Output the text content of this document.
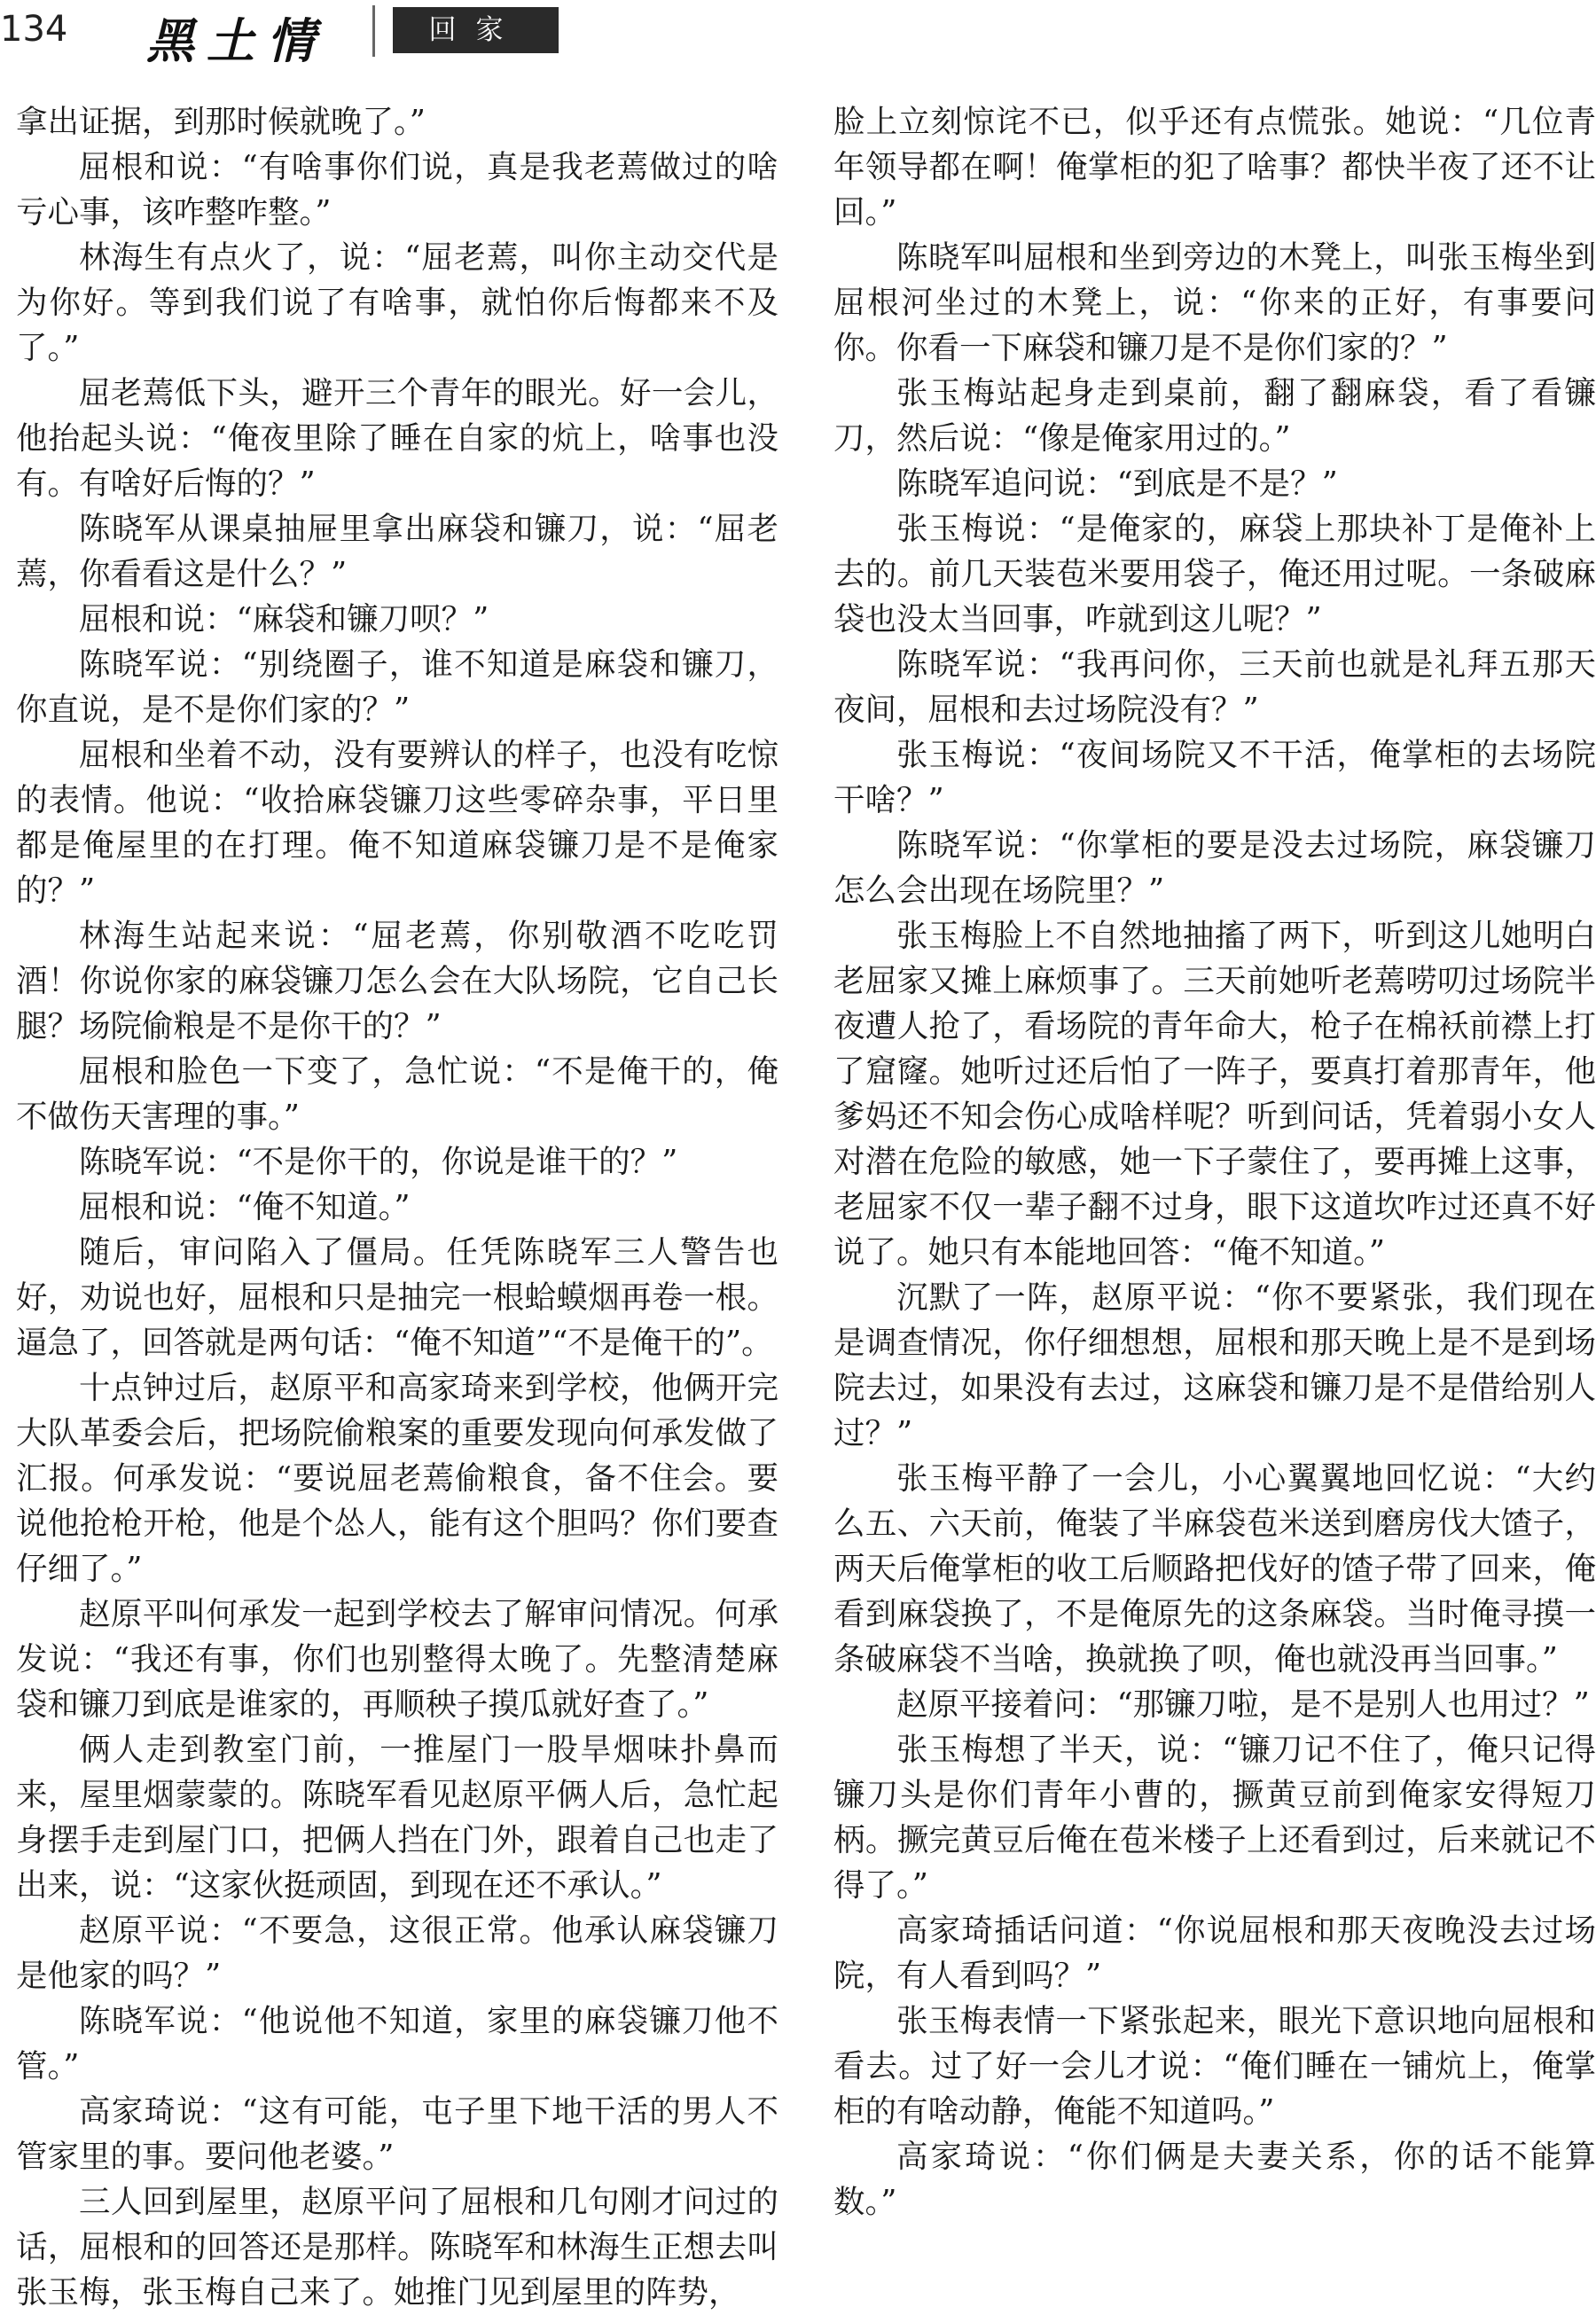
134 黑土情	回家

拿出证据，到那时候就晚了。”

屈根和说：“有啥事你们说，真是我老蔫做过的啥亏心事，该咋整咋整。”

林海生有点火了，说：“屈老蔫，叫你主动交代是为你好。等到我们说了有啥事，就怕你后悔都来不及了。”

屈老蔫低下头，避开三个青年的眼光。好一会儿，他抬起头说：“俺夜里除了睡在自家的炕上，啥事也没有。有啥好后悔的？”

陈晓军从课桌抽屉里拿出麻袋和镰刀，说：“屈老蔫，你看看这是什么？”

屈根和说：“麻袋和镰刀呗？”

陈晓军说：“别绕圈子，谁不知道是麻袋和镰刀，你直说，是不是你们家的？”

屈根和坐着不动，没有要辨认的样子，也没有吃惊的表情。他说：“收拾麻袋镰刀这些零碎杂事，平日里都是俺屋里的在打理。俺不知道麻袋镰刀是不是俺家的？”

林海生站起来说：“屈老蔫，你别敬酒不吃吃罚酒！你说你家的麻袋镰刀怎么会在大队场院，它自己长腿？场院偷粮是不是你干的？”

屈根和脸色一下变了，急忙说：“不是俺干的，俺不做伤天害理的事。”

陈晓军说：“不是你干的，你说是谁干的？”

屈根和说：“俺不知道。”

随后，审问陷入了僵局。任凭陈晓军三人警告也好，劝说也好，屈根和只是抽完一根蛤蟆烟再卷一根。逼急了，回答就是两句话：“俺不知道”“不是俺干的”。

十点钟过后，赵原平和高家琦来到学校，他俩开完大队革委会后，把场院偷粮案的重要发现向何承发做了汇报。何承发说：“要说屈老蔫偷粮食，备不住会。要说他抢枪开枪，他是个怂人，能有这个胆吗？你们要查仔细了。”

赵原平叫何承发一起到学校去了解审问情况。何承发说：“我还有事，你们也别整得太晚了。先整清楚麻袋和镰刀到底是谁家的，再顺秧子摸瓜就好查了。”

俩人走到教室门前，一推屋门一股旱烟味扑鼻而来，屋里烟蒙蒙的。陈晓军看见赵原平俩人后，急忙起身摆手走到屋门口，把俩人挡在门外，跟着自己也走了出来，说：“这家伙挺顽固，到现在还不承认。”

赵原平说：“不要急，这很正常。他承认麻袋镰刀是他家的吗？”

陈晓军说：“他说他不知道，家里的麻袋镰刀他不管。”

高家琦说：“这有可能，屯子里下地干活的男人不管家里的事。要问他老婆。”

三人回到屋里，赵原平问了屈根和几句刚才问过的话，屈根和的回答还是那样。陈晓军和林海生正想去叫张玉梅，张玉梅自己来了。她推门见到屋里的阵势，

脸上立刻惊诧不已，似乎还有点慌张。她说：“几位青年领导都在啊！俺掌柜的犯了啥事？都快半夜了还不让回。”

陈晓军叫屈根和坐到旁边的木凳上，叫张玉梅坐到屈根河坐过的木凳上，说：“你来的正好，有事要问你。你看一下麻袋和镰刀是不是你们家的？”

张玉梅站起身走到桌前，翻了翻麻袋，看了看镰刀，然后说：“像是俺家用过的。”

陈晓军追问说：“到底是不是？”

张玉梅说：“是俺家的，麻袋上那块补丁是俺补上去的。前几天装苞米要用袋子，俺还用过呢。一条破麻袋也没太当回事，咋就到这儿呢？”

陈晓军说：“我再问你，三天前也就是礼拜五那天夜间，屈根和去过场院没有？”

张玉梅说：“夜间场院又不干活，俺掌柜的去场院干啥？”

陈晓军说：“你掌柜的要是没去过场院，麻袋镰刀怎么会出现在场院里？”

张玉梅脸上不自然地抽搐了两下，听到这儿她明白老屈家又摊上麻烦事了。三天前她听老蔫唠叨过场院半夜遭人抢了，看场院的青年命大，枪子在棉袄前襟上打了窟窿。她听过还后怕了一阵子，要真打着那青年，他爹妈还不知会伤心成啥样呢？听到问话，凭着弱小女人对潜在危险的敏感，她一下子蒙住了，要再摊上这事，老屈家不仅一辈子翻不过身，眼下这道坎咋过还真不好说了。她只有本能地回答：“俺不知道。”

沉默了一阵，赵原平说：“你不要紧张，我们现在是调查情况，你仔细想想，屈根和那天晚上是不是到场院去过，如果没有去过，这麻袋和镰刀是不是借给别人过？”

张玉梅平静了一会儿，小心翼翼地回忆说：“大约么五、六天前，俺装了半麻袋苞米送到磨房伐大馇子，两天后俺掌柜的收工后顺路把伐好的馇子带了回来，俺看到麻袋换了，不是俺原先的这条麻袋。当时俺寻摸一条破麻袋不当啥，换就换了呗，俺也就没再当回事。”

赵原平接着问：“那镰刀啦，是不是别人也用过？”

张玉梅想了半天，说：“镰刀记不住了，俺只记得镰刀头是你们青年小曹的，撅黄豆前到俺家安得短刀柄。撅完黄豆后俺在苞米楼子上还看到过，后来就记不得了。”

高家琦插话问道：“你说屈根和那天夜晚没去过场院，有人看到吗？”

张玉梅表情一下紧张起来，眼光下意识地向屈根和看去。过了好一会儿才说：“俺们睡在一铺炕上，俺掌柜的有啥动静，俺能不知道吗。”

高家琦说：“你们俩是夫妻关系，你的话不能算数。”
